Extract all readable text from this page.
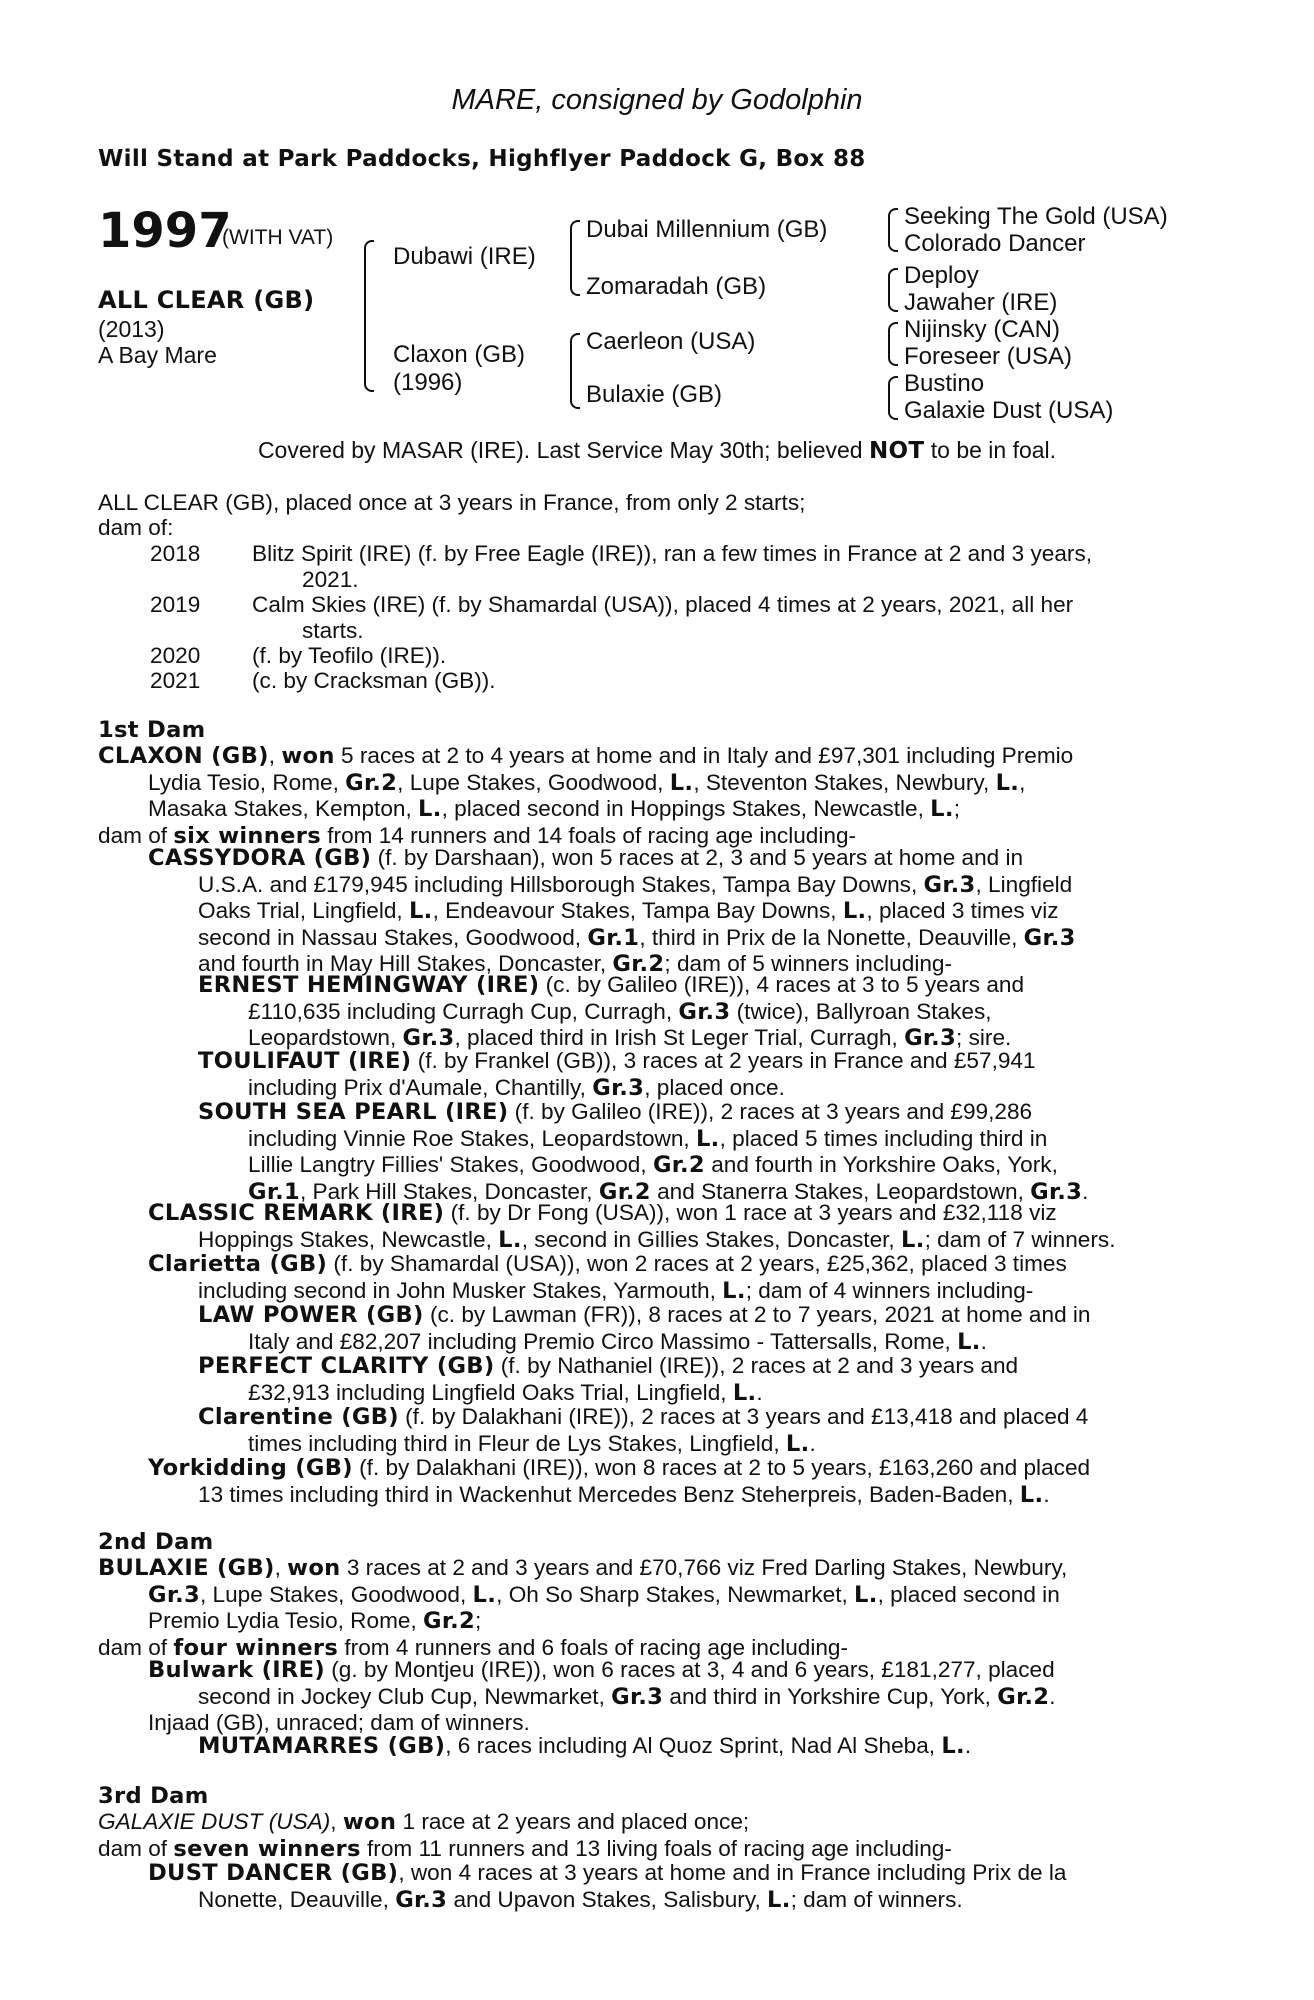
MARE, consigned by Godolphin
Will Stand at Park Paddocks, Highflyer Paddock G, Box 88
1997
(WITH VAT)
ALL CLEAR (GB)
(2013)
A Bay Mare
Dubawi (IRE)
Claxon (GB)
(1996)
Dubai Millennium (GB)
Zomaradah (GB)
Caerleon (USA)
Bulaxie (GB)
Seeking The Gold (USA)
Colorado Dancer
Deploy
Jawaher (IRE)
Nijinsky (CAN)
Foreseer (USA)
Bustino
Galaxie Dust (USA)
Covered by MASAR (IRE). Last Service May 30th; believed NOT to be in foal.
ALL CLEAR (GB), placed once at 3 years in France, from only 2 starts;
dam of:
2018 Blitz Spirit (IRE) (f. by Free Eagle (IRE)), ran a few times in France at 2 and 3 years,
2021.
2019 Calm Skies (IRE) (f. by Shamardal (USA)), placed 4 times at 2 years, 2021, all her
starts.
2020 (f. by Teofilo (IRE)).
2021 (c. by Cracksman (GB)).
1st Dam
CLAXON (GB), won 5 races at 2 to 4 years at home and in Italy and £97,301 including Premio
Lydia Tesio, Rome, Gr.2, Lupe Stakes, Goodwood, L., Steventon Stakes, Newbury, L.,
Masaka Stakes, Kempton, L., placed second in Hoppings Stakes, Newcastle, L.;
dam of six winners from 14 runners and 14 foals of racing age including-
CASSYDORA (GB) (f. by Darshaan), won 5 races at 2, 3 and 5 years at home and in
U.S.A. and £179,945 including Hillsborough Stakes, Tampa Bay Downs, Gr.3, Lingfield
Oaks Trial, Lingfield, L., Endeavour Stakes, Tampa Bay Downs, L., placed 3 times viz
second in Nassau Stakes, Goodwood, Gr.1, third in Prix de la Nonette, Deauville, Gr.3
and fourth in May Hill Stakes, Doncaster, Gr.2; dam of 5 winners including-
ERNEST HEMINGWAY (IRE) (c. by Galileo (IRE)), 4 races at 3 to 5 years and
£110,635 including Curragh Cup, Curragh, Gr.3 (twice), Ballyroan Stakes,
Leopardstown, Gr.3, placed third in Irish St Leger Trial, Curragh, Gr.3; sire.
TOULIFAUT (IRE) (f. by Frankel (GB)), 3 races at 2 years in France and £57,941
including Prix d'Aumale, Chantilly, Gr.3, placed once.
SOUTH SEA PEARL (IRE) (f. by Galileo (IRE)), 2 races at 3 years and £99,286
including Vinnie Roe Stakes, Leopardstown, L., placed 5 times including third in
Lillie Langtry Fillies' Stakes, Goodwood, Gr.2 and fourth in Yorkshire Oaks, York,
Gr.1, Park Hill Stakes, Doncaster, Gr.2 and Stanerra Stakes, Leopardstown, Gr.3.
CLASSIC REMARK (IRE) (f. by Dr Fong (USA)), won 1 race at 3 years and £32,118 viz
Hoppings Stakes, Newcastle, L., second in Gillies Stakes, Doncaster, L.; dam of 7 winners.
Clarietta (GB) (f. by Shamardal (USA)), won 2 races at 2 years, £25,362, placed 3 times
including second in John Musker Stakes, Yarmouth, L.; dam of 4 winners including-
LAW POWER (GB) (c. by Lawman (FR)), 8 races at 2 to 7 years, 2021 at home and in
Italy and £82,207 including Premio Circo Massimo - Tattersalls, Rome, L..
PERFECT CLARITY (GB) (f. by Nathaniel (IRE)), 2 races at 2 and 3 years and
£32,913 including Lingfield Oaks Trial, Lingfield, L..
Clarentine (GB) (f. by Dalakhani (IRE)), 2 races at 3 years and £13,418 and placed 4
times including third in Fleur de Lys Stakes, Lingfield, L..
Yorkidding (GB) (f. by Dalakhani (IRE)), won 8 races at 2 to 5 years, £163,260 and placed
13 times including third in Wackenhut Mercedes Benz Steherpreis, Baden-Baden, L..
2nd Dam
BULAXIE (GB), won 3 races at 2 and 3 years and £70,766 viz Fred Darling Stakes, Newbury,
Gr.3, Lupe Stakes, Goodwood, L., Oh So Sharp Stakes, Newmarket, L., placed second in
Premio Lydia Tesio, Rome, Gr.2;
dam of four winners from 4 runners and 6 foals of racing age including-
Bulwark (IRE) (g. by Montjeu (IRE)), won 6 races at 3, 4 and 6 years, £181,277, placed
second in Jockey Club Cup, Newmarket, Gr.3 and third in Yorkshire Cup, York, Gr.2.
Injaad (GB), unraced; dam of winners.
MUTAMARRES (GB), 6 races including Al Quoz Sprint, Nad Al Sheba, L..
3rd Dam
GALAXIE DUST (USA), won 1 race at 2 years and placed once;
dam of seven winners from 11 runners and 13 living foals of racing age including-
DUST DANCER (GB), won 4 races at 3 years at home and in France including Prix de la
Nonette, Deauville, Gr.3 and Upavon Stakes, Salisbury, L.; dam of winners.
